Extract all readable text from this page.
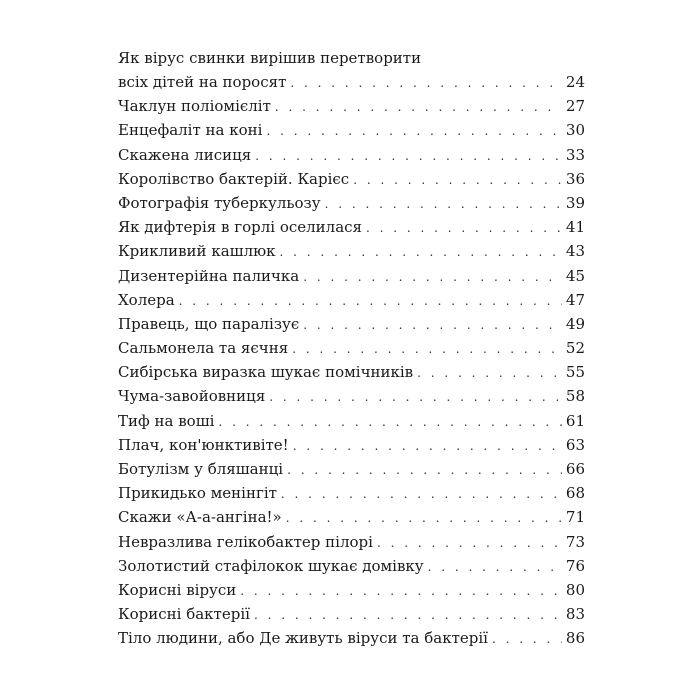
Як вірус свинки вирішив перетворити
всіх дітей на поросят . . .	24
Чаклун поліомієліт . . .	27
Енцефаліт на коні . . .	30
Скажена лисиця . . .	33
Королівство бактерій. Карієс . . .	36
Фотографія туберкульозу . . .	39
Як дифтерія в горлі оселилася . . .	41
Крикливий кашлюк . . .	43
Дизентерійна паличка . . .	45
Холера . . .	47
Правець, що паралізує . . .	49
Сальмонела та яєчня . . .	52
Сибірська виразка шукає помічників . . .	55
Чума-завойовниця . . .	58
Тиф на воші . . .	61
Плач, кон'юнктивіте! . . .	63
Ботулізм у бляшанці . . .	66
Прикидько менінгіт . . .	68
Скажи «А-а-ангіна!» . . .	71
Невразлива гелікобактер пілорі . . .	73
Золотистий стафілокок шукає домівку . . .	76
Корисні віруси . . .	80
Корисні бактерії . . .	83
Тіло людини, або Де живуть віруси та бактерії . . .	86
